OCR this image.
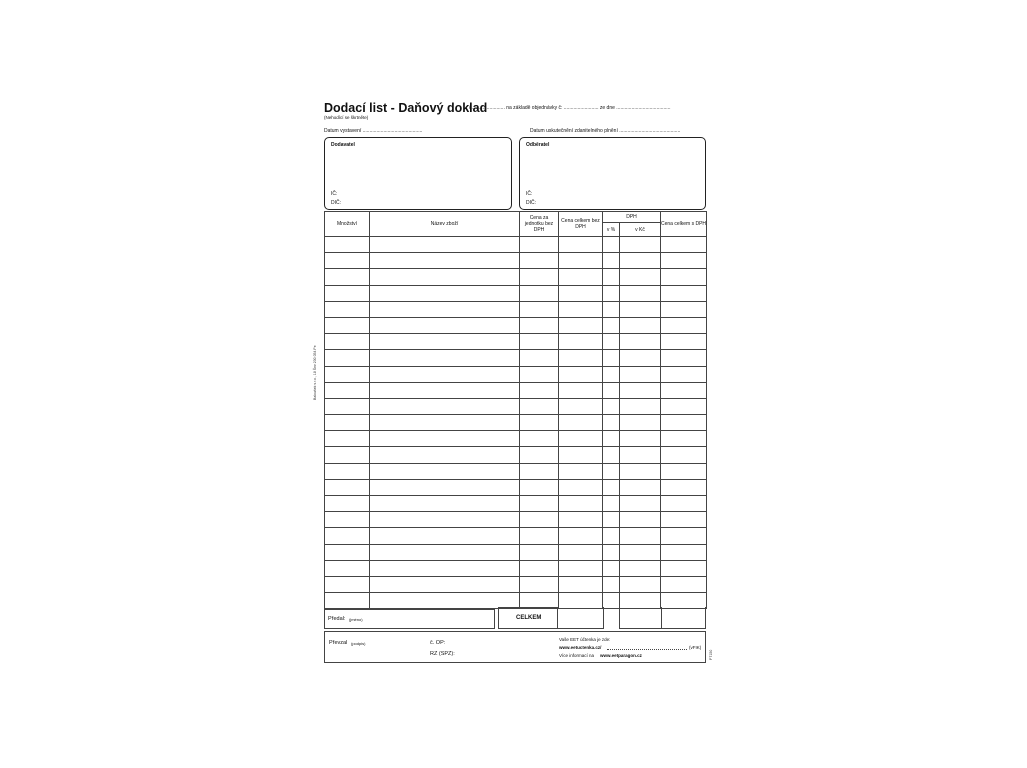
Dodací list - Daňový doklad
č........................ na základě objednávky č: ......................... ze dne .......................................
(Nehodící se škrtněte)
Datum vystavení ...........................................	Datum uskutečnění zdanitelného plnění ............................................
Dodavatel
IČ:
DIČ:
Odběratel
IČ:
DIČ:
Množství	Název zboží	Cena za jednotku bez DPH	Cena celkem bez DPH	DPH		Cena celkem s DPH
				v %	v Kč	

Předal: (jméno)	CELKEM
Převzal (podpis)	č. OP:
RZ (SPZ):
Vaše EET účtenka je zde:
www.eetuctenka.cz/	(vFIK)
Více informací na www.eetparagon.cz
Baloušek s.r.o., 18 Šev 230 054 Pe
PT150
